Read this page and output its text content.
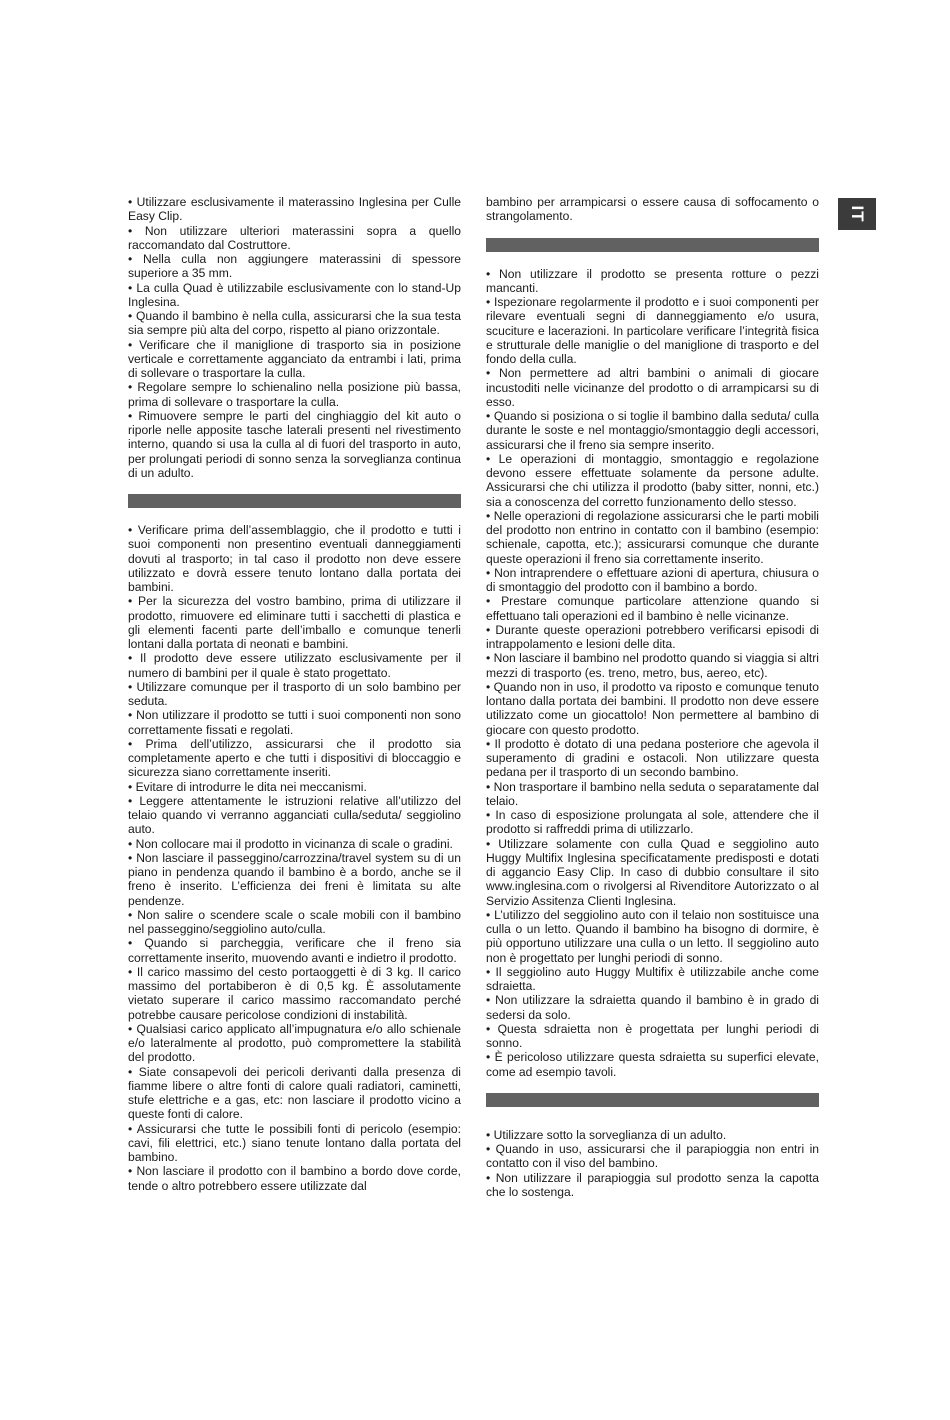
IT

• Utilizzare esclusivamente il materassino Inglesina per Culle Easy Clip.

• Non utilizzare ulteriori materassini sopra a quello raccomandato dal Costruttore.

• Nella culla non aggiungere materassini di spessore superiore a 35 mm.

• La culla Quad è utilizzabile esclusivamente con lo stand-Up Inglesina.

• Quando il bambino è nella culla, assicurarsi che la sua testa sia sempre più alta del corpo, rispetto al piano orizzontale.

• Verificare che il maniglione di trasporto sia in posizione verticale e correttamente agganciato da entrambi i lati, prima di sollevare o trasportare la culla.

• Regolare sempre lo schienalino nella posizione più bassa, prima di sollevare o trasportare la culla.

• Rimuovere sempre le parti del cinghiaggio del kit auto o riporle nelle apposite tasche laterali presenti nel rivestimento interno, quando si usa la culla al di fuori del trasporto in auto, per prolungati periodi di sonno senza la sorveglianza continua di un adulto.

• Verificare prima dell’assemblaggio, che il prodotto e tutti i suoi componenti non presentino eventuali danneggiamenti dovuti al trasporto; in tal caso il prodotto non deve essere utilizzato e dovrà essere tenuto lontano dalla portata dei bambini.

• Per la sicurezza del vostro bambino, prima di utilizzare il prodotto, rimuovere ed eliminare tutti i sacchetti di plastica e gli elementi facenti parte dell’imballo e comunque tenerli lontani dalla portata di neonati e bambini.

• Il prodotto deve essere utilizzato esclusivamente per il numero di bambini per il quale è stato progettato.

• Utilizzare comunque per il trasporto di un solo bambino per seduta.

• Non utilizzare il prodotto se tutti i suoi componenti non sono correttamente fissati e regolati.

• Prima dell’utilizzo, assicurarsi che il prodotto sia completamente aperto e che tutti i dispositivi di bloccaggio e sicurezza siano correttamente inseriti.

• Evitare di introdurre le dita nei meccanismi.

• Leggere attentamente le istruzioni relative all’utilizzo del telaio quando vi verranno agganciati culla/seduta/ seggiolino auto.

• Non collocare mai il prodotto in vicinanza di scale o gradini.

• Non lasciare il passeggino/carrozzina/travel system su di un piano in pendenza quando il bambino è a bordo, anche se il freno è inserito. L’efficienza dei freni è limitata su alte pendenze.

• Non salire o scendere scale o scale mobili con il bambino nel passeggino/seggiolino auto/culla.

• Quando si parcheggia, verificare che il freno sia correttamente inserito, muovendo avanti e indietro il prodotto.

• Il carico massimo del cesto portaoggetti è di 3 kg. Il carico massimo del portabiberon è di 0,5 kg. È assolutamente vietato superare il carico massimo raccomandato perché potrebbe causare pericolose condizioni di instabilità.

• Qualsiasi carico applicato all’impugnatura e/o allo schienale e/o lateralmente al prodotto, può compromettere la stabilità del prodotto.

• Siate consapevoli dei pericoli derivanti dalla presenza di fiamme libere o altre fonti di calore quali radiatori, caminetti, stufe elettriche e a gas, etc: non lasciare il prodotto vicino a queste fonti di calore.

• Assicurarsi che tutte le possibili fonti di pericolo (esempio: cavi, fili elettrici, etc.) siano tenute lontano dalla portata del bambino.

• Non lasciare il prodotto con il bambino a bordo dove corde, tende o altro potrebbero essere utilizzate dal

bambino per arrampicarsi o essere causa di soffocamento o strangolamento.

• Non utilizzare il prodotto se presenta rotture o pezzi mancanti.

• Ispezionare regolarmente il prodotto e i suoi componenti per rilevare eventuali segni di danneggiamento e/o usura, scuciture e lacerazioni. In particolare verificare l’integrità fisica e strutturale delle maniglie o del maniglione di trasporto e del fondo della culla.

• Non permettere ad altri bambini o animali di giocare incustoditi nelle vicinanze del prodotto o di arrampicarsi su di esso.

• Quando si posiziona o si toglie il bambino dalla seduta/ culla durante le soste e nel montaggio/smontaggio degli accessori, assicurarsi che il freno sia sempre inserito.

• Le operazioni di montaggio, smontaggio e regolazione devono essere effettuate solamente da persone adulte. Assicurarsi che chi utilizza il prodotto (baby sitter, nonni, etc.) sia a conoscenza del corretto funzionamento dello stesso.

• Nelle operazioni di regolazione assicurarsi che le parti mobili del prodotto non entrino in contatto con il bambino (esempio: schienale, capotta, etc.); assicurarsi comunque che durante queste operazioni il freno sia correttamente inserito.

• Non intraprendere o effettuare azioni di apertura, chiusura o di smontaggio del prodotto con il bambino a bordo.

• Prestare comunque particolare attenzione quando si effettuano tali operazioni ed il bambino è nelle vicinanze.

• Durante queste operazioni potrebbero verificarsi episodi di intrappolamento e lesioni delle dita.

• Non lasciare il bambino nel prodotto quando si viaggia si altri mezzi di trasporto (es. treno, metro, bus, aereo, etc).

• Quando non in uso, il prodotto va riposto e comunque tenuto lontano dalla portata dei bambini. Il prodotto non deve essere utilizzato come un giocattolo! Non permettere al bambino di giocare con questo prodotto.

• Il prodotto è dotato di una pedana posteriore che agevola il superamento di gradini e ostacoli. Non utilizzare questa pedana per il trasporto di un secondo bambino.

• Non trasportare il bambino nella seduta o separatamente dal telaio.

• In caso di esposizione prolungata al sole, attendere che il prodotto si raffreddi prima di utilizzarlo.

• Utilizzare solamente con culla Quad e seggiolino auto Huggy Multifix Inglesina specificatamente predisposti e dotati di aggancio Easy Clip. In caso di dubbio consultare il sito www.inglesina.com o rivolgersi al Rivenditore Autorizzato o al Servizio Assitenza Clienti Inglesina.

• L’utilizzo del seggiolino auto con il telaio non sostituisce una culla o un letto. Quando il bambino ha bisogno di dormire, è più opportuno utilizzare una culla o un letto. Il seggiolino auto non è progettato per lunghi periodi di sonno.

• Il seggiolino auto Huggy Multifix è utilizzabile anche come sdraietta.

• Non utilizzare la sdraietta quando il bambino è in grado di sedersi da solo.

• Questa sdraietta non è progettata per lunghi periodi di sonno.

• È pericoloso utilizzare questa sdraietta su superfici elevate, come ad esempio tavoli.

• Utilizzare sotto la sorveglianza di un adulto.

• Quando in uso, assicurarsi che il parapioggia non entri in contatto con il viso del bambino.

• Non utilizzare il parapioggia sul prodotto senza la capotta che lo sostenga.
